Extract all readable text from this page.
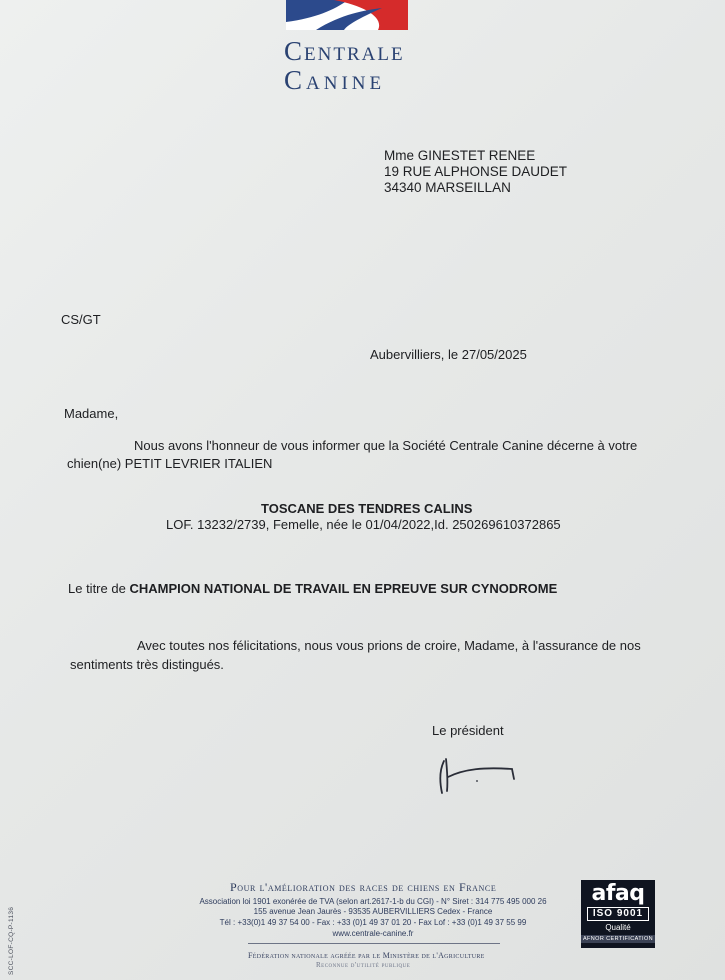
Centrale
Canine
Mme GINESTET RENEE
19 RUE ALPHONSE DAUDET
34340 MARSEILLAN
CS/GT
Aubervilliers, le 27/05/2025
Madame,
Nous avons l'honneur de vous informer que la Société Centrale Canine décerne à votre
chien(ne) PETIT LEVRIER ITALIEN
TOSCANE DES TENDRES CALINS
LOF. 13232/2739, Femelle, née le 01/04/2022,Id. 250269610372865
Le titre de CHAMPION NATIONAL DE TRAVAIL EN EPREUVE SUR CYNODROME
Avec toutes nos félicitations, nous vous prions de croire, Madame, à l'assurance de nos
sentiments très distingués.
Le président
Pour l'amélioration des races de chiens en France
Association loi 1901 exonérée de TVA (selon art.2617-1-b du CGI) - N° Siret : 314 775 495 000 26
155 avenue Jean Jaurès - 93535 AUBERVILLIERS Cedex - France
Tél : +33(0)1 49 37 54 00 - Fax : +33 (0)1 49 37 01 20 - Fax Lof : +33 (0)1 49 37 55 99
www.centrale-canine.fr
Fédération nationale agréée par le Ministère de l'Agriculture
Reconnue d'utilité publique
afaq
ISO 9001
Qualité
AFNOR CERTIFICATION
SCC-LOF-CQ-P-1136
